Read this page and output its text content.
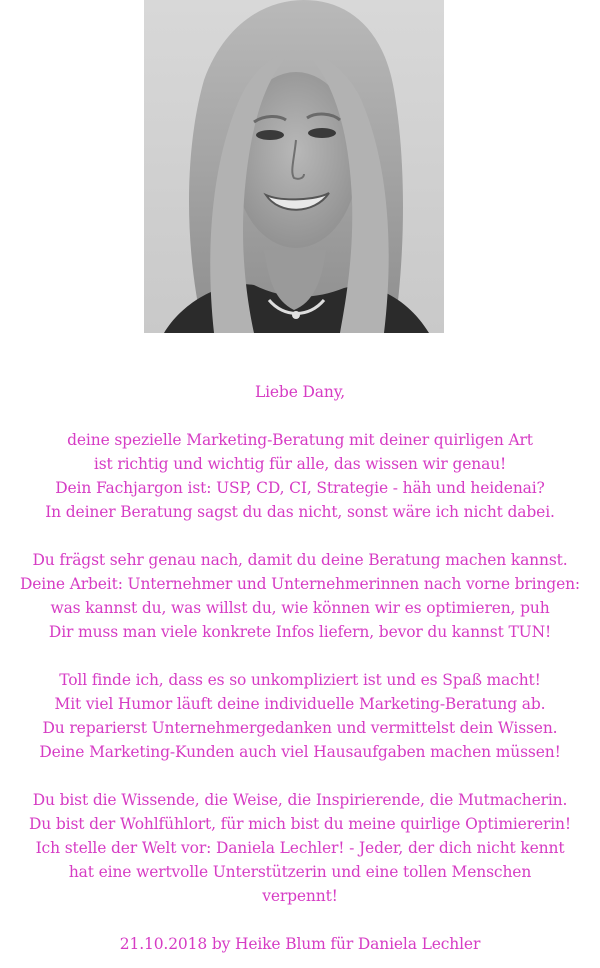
Liebe Dany,
deine spezielle Marketing-Beratung mit deiner quirligen Art
ist richtig und wichtig für alle, das wissen wir genau!
Dein Fachjargon ist: USP, CD, CI, Strategie - häh und heidenai?
In deiner Beratung sagst du das nicht, sonst wäre ich nicht dabei.
Du frägst sehr genau nach, damit du deine Beratung machen kannst.
Deine Arbeit: Unternehmer und Unternehmerinnen nach vorne bringen:
was kannst du, was willst du, wie können wir es optimieren, puh
Dir muss man viele konkrete Infos liefern, bevor du kannst TUN!
Toll finde ich, dass es so unkompliziert ist und es Spaß macht!
Mit viel Humor läuft deine individuelle Marketing-Beratung ab.
Du reparierst Unternehmergedanken und vermittelst dein Wissen.
Deine Marketing-Kunden auch viel Hausaufgaben machen müssen!
Du bist die Wissende, die Weise, die Inspirierende, die Mutmacherin.
Du bist der Wohlfühlort, für mich bist du meine quirlige Optimiererin!
Ich stelle der Welt vor: Daniela Lechler! - Jeder, der dich nicht kennt
hat eine wertvolle Unterstützerin und eine tollen Menschen
verpennt!
21.10.2018 by Heike Blum für Daniela Lechler
